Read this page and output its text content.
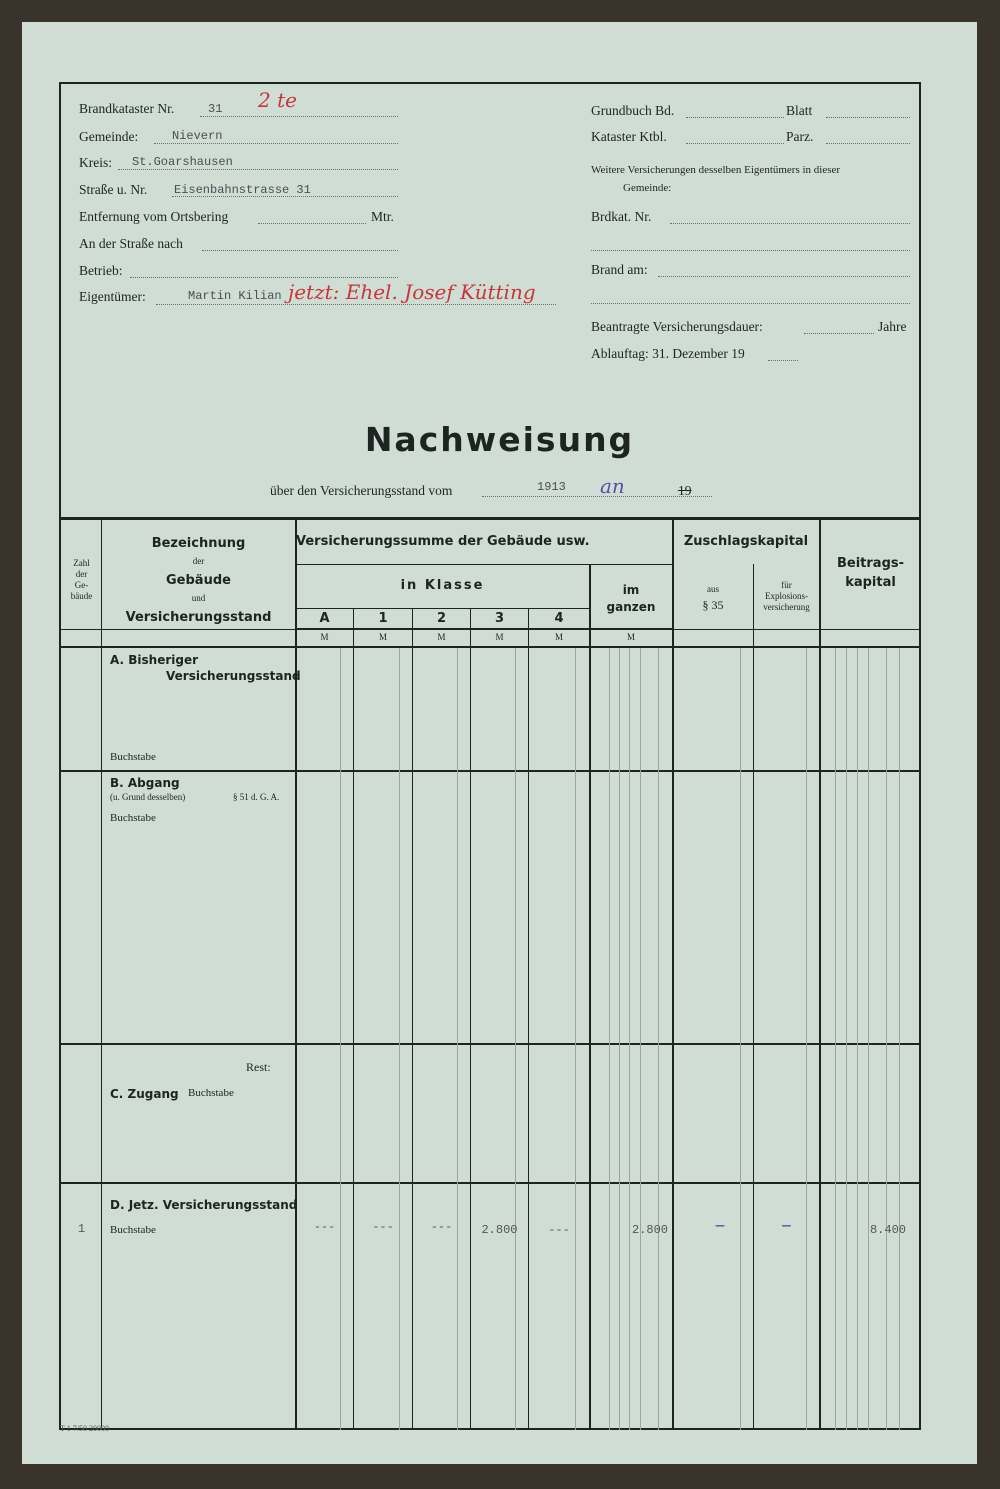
Brandkataster Nr.	31 2 te
Gemeinde:	Nievern
Kreis: St.Goarshausen
Straße u. Nr. Eisenbahnstrasse 31
Entfernung vom Ortsbering	Mtr.
An der Straße nach
Betrieb:
Eigentümer:	Martin Kilian jetzt: Ehel. Josef Kütting
Grundbuch Bd.	Blatt
Kataster Ktbl.	Parz.
Weitere Versicherungen desselben Eigentümers in dieser
Gemeinde:
Brdkat. Nr.
Brand am:
Beantragte Versicherungsdauer:	Jahre
Ablauftag: 31. Dezember 19
Nachweisung
über den Versicherungsstand vom	1913 an	19
Zahl
der
Ge-
bäude
Bezeichnung
der
Gebäude
und
Versicherungsstand
Versicherungssumme der Gebäude usw.
in Klasse
A	1	2	3	4
im
ganzen
Zuschlagskapital
aus
§ 35
für
Explosions-
versicherung
Beitrags-
kapital
M	M	M	M	M	M
A. Bisheriger
Versicherungsstand
Buchstabe
B. Abgang
(u. Grund desselben)	§ 51 d. G. A.
Buchstabe
Rest:
C. Zugang Buchstabe
D. Jetz. Versicherungsstand
Buchstabe
1	---	---	---	2.800	---	2.800	–	–	8.400
T 1 7/50 20000
